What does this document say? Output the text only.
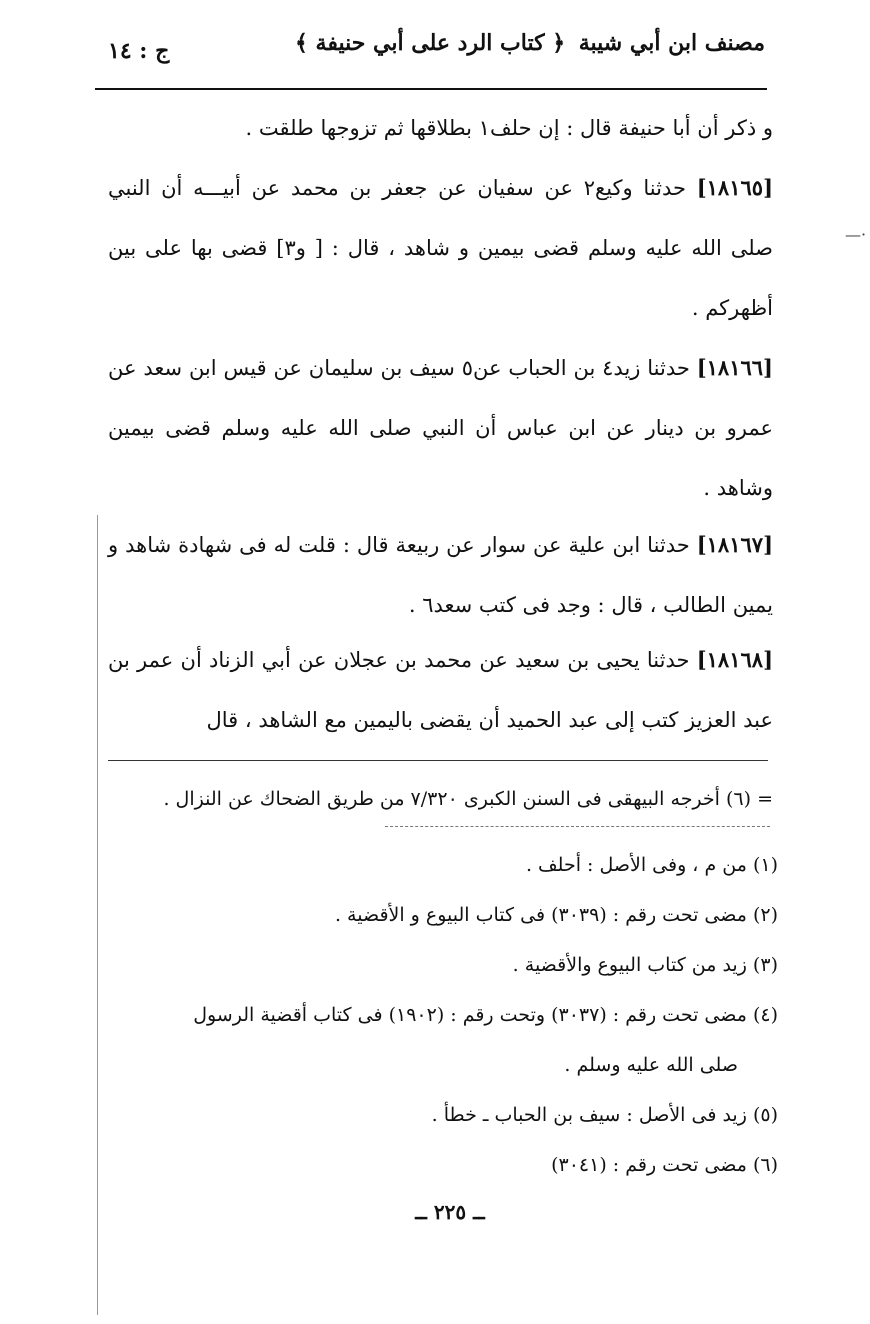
مصنف ابن أبي شيبة
﴿ كتاب الرد على أبي حنيفة ﴾
ج : ١٤
—·
و ذكر أن أبا حنيفة قال : إن حلف١ بطلاقها ثم تزوجها طلقت .
[١٨١٦٥] حدثنا وكيع٢ عن سفيان عن جعفر بن محمد عن أبيـــه أن النبي صلى الله عليه وسلم قضى بيمين و شاهد ، قال : [ و٣] قضى بها على بين أظهركم .
[١٨١٦٦] حدثنا زيد٤ بن الحباب عن٥ سيف بن سليمان عن قيس ابن سعد عن عمرو بن دينار عن ابن عباس أن النبي صلى الله عليه وسلم قضى بيمين وشاهد .
[١٨١٦٧] حدثنا ابن علية عن سوار عن ربيعة قال : قلت له فى شهادة شاهد و يمين الطالب ، قال : وجد فى كتب سعد٦ .
[١٨١٦٨] حدثنا يحيى بن سعيد عن محمد بن عجلان عن أبي الزناد أن عمر بن عبد العزيز كتب إلى عبد الحميد أن يقضى باليمين مع الشاهد ، قال
= (٦) أخرجه البيهقى فى السنن الكبرى ٧/٣٢٠ من طريق الضحاك عن النزال .
(١) من م ، وفى الأصل : أحلف .
(٢) مضى تحت رقم : (٣٠٣٩) فى كتاب البيوع و الأقضية .
(٣) زيد من كتاب البيوع والأقضية .
(٤) مضى تحت رقم : (٣٠٣٧) وتحت رقم : (١٩٠٢) فى كتاب أقضية الرسول
صلى الله عليه وسلم .
(٥) زيد فى الأصل : سيف بن الحباب ـ خطأ .
(٦) مضى تحت رقم : (٣٠٤١)
ــ ٢٢٥ ــ
